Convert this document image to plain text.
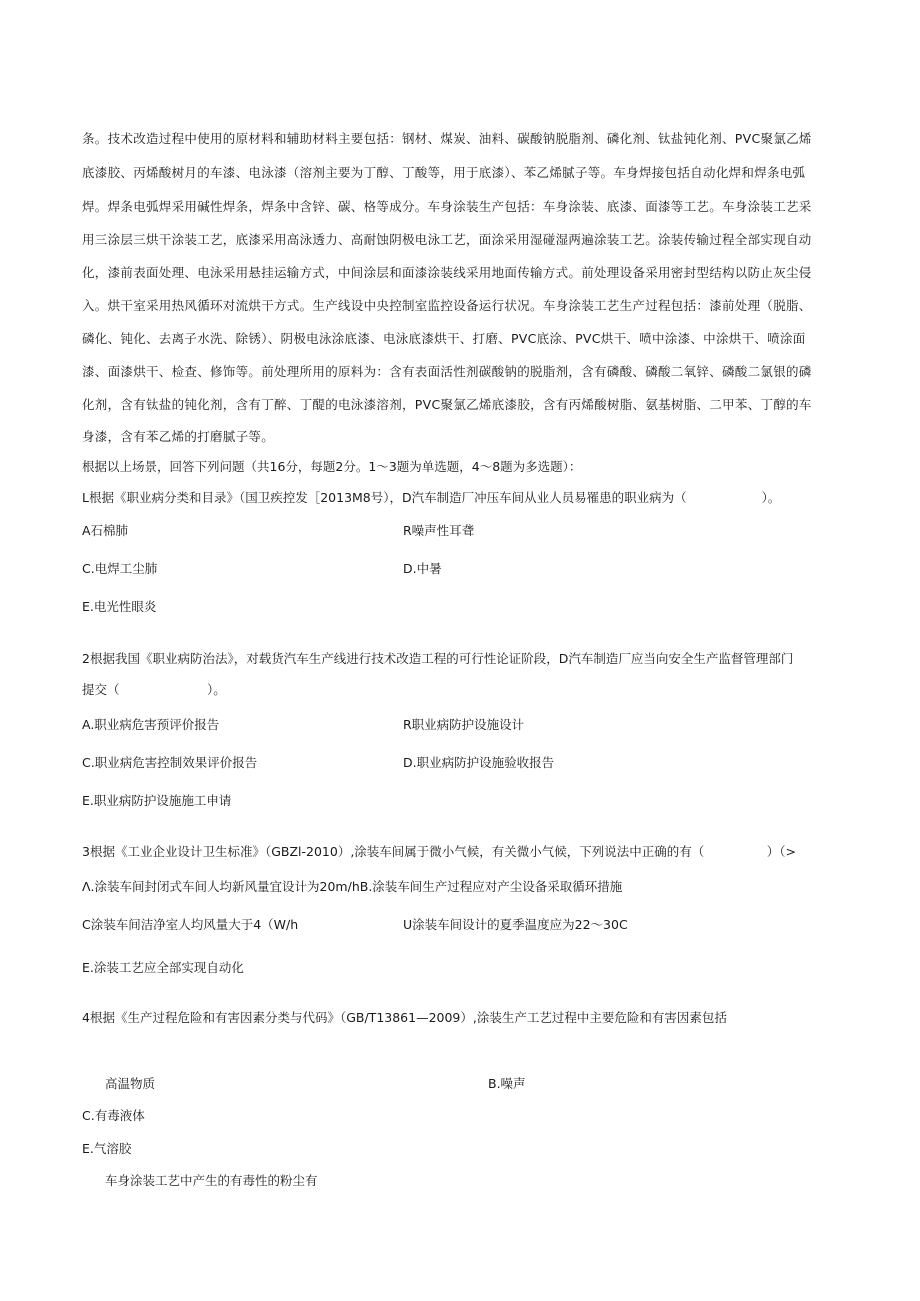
条。技术改造过程中使用的原材料和辅助材料主要包括：钢材、煤炭、油料、碳酸钠脱脂剂、磷化剂、钛盐钝化剂、PVC聚氯乙烯
底漆胶、丙烯酸树月的车漆、电泳漆（溶剂主要为丁醇、丁酸等，用于底漆）、苯乙烯腻子等。车身焊接包括自动化焊和焊条电弧
焊。焊条电弧焊采用碱性焊条，焊条中含锌、碳、格等成分。车身涂装生产包括：车身涂装、底漆、面漆等工艺。车身涂装工艺采
用三涂层三烘干涂装工艺，底漆采用高泳透力、高耐蚀阴极电泳工艺，面涂采用湿碰湿两遍涂装工艺。涂装传输过程全部实现自动
化，漆前表面处理、电泳采用悬挂运输方式，中间涂层和面漆涂装线采用地面传输方式。前处理设备采用密封型结构以防止灰尘侵
入。烘干室采用热风循环对流烘干方式。生产线设中央控制室监控设备运行状况。车身涂装工艺生产过程包括：漆前处理（脱脂、
磷化、钝化、去离子水洗、除锈）、阴极电泳涂底漆、电泳底漆烘干、打磨、PVC底涂、PVC烘干、喷中涂漆、中涂烘干、喷涂面
漆、面漆烘干、检查、修饰等。前处理所用的原料为：含有表面活性剂碳酸钠的脱脂剂，含有磷酸、磷酸二氧锌、磷酸二氯银的磷
化剂，含有钛盐的钝化剂，含有丁醉、丁醍的电泳漆溶剂，PVC聚氯乙烯底漆胶，含有丙烯酸树脂、氨基树脂、二甲苯、丁醇的车
身漆，含有苯乙烯的打磨腻子等。
根据以上场景，回答下列问题（共16分，每题2分。1〜3题为单选题，4〜8题为多选题）：
L根据《职业病分类和目录》（国卫疾控发［2013M8号），D汽车制造厂冲压车间从业人员易罹患的职业病为（　　　　　　）。
A石棉肺	R噪声性耳聋
C.电焊工尘肺	D.中暑
E.电光性眼炎
2根据我国《职业病防治法》，对载货汽车生产线进行技术改造工程的可行性论证阶段，D汽车制造厂应当向安全生产监督管理部门
提交（　　　　　　　）。
A.职业病危害预评价报告	R职业病防护设施设计
C.职业病危害控制效果评价报告	D.职业病防护设施验收报告
E.职业病防护设施施工申请
3根据《工业企业设计卫生标准》（GBZl-2010）,涂装车间属于微小气候，有关微小气候，下列说法中正确的有（　　　　　）（>
Λ.涂装车间封闭式车间人均新风量宜设计为20m∕hB.涂装车间生产过程应对产尘设备采取循环措施
C涂装车间洁净室人均风量大于4（W∕h	U涂装车间设计的夏季温度应为22〜30C
E.涂装工艺应全部实现自动化
4根据《生产过程危险和有害因素分类与代码》（GB/T13861—2009）,涂装生产工艺过程中主要危险和有害因素包括
高温物质	B.噪声
C.有毒液体
E.气溶胶
车身涂装工艺中产生的有毒性的粉尘有
